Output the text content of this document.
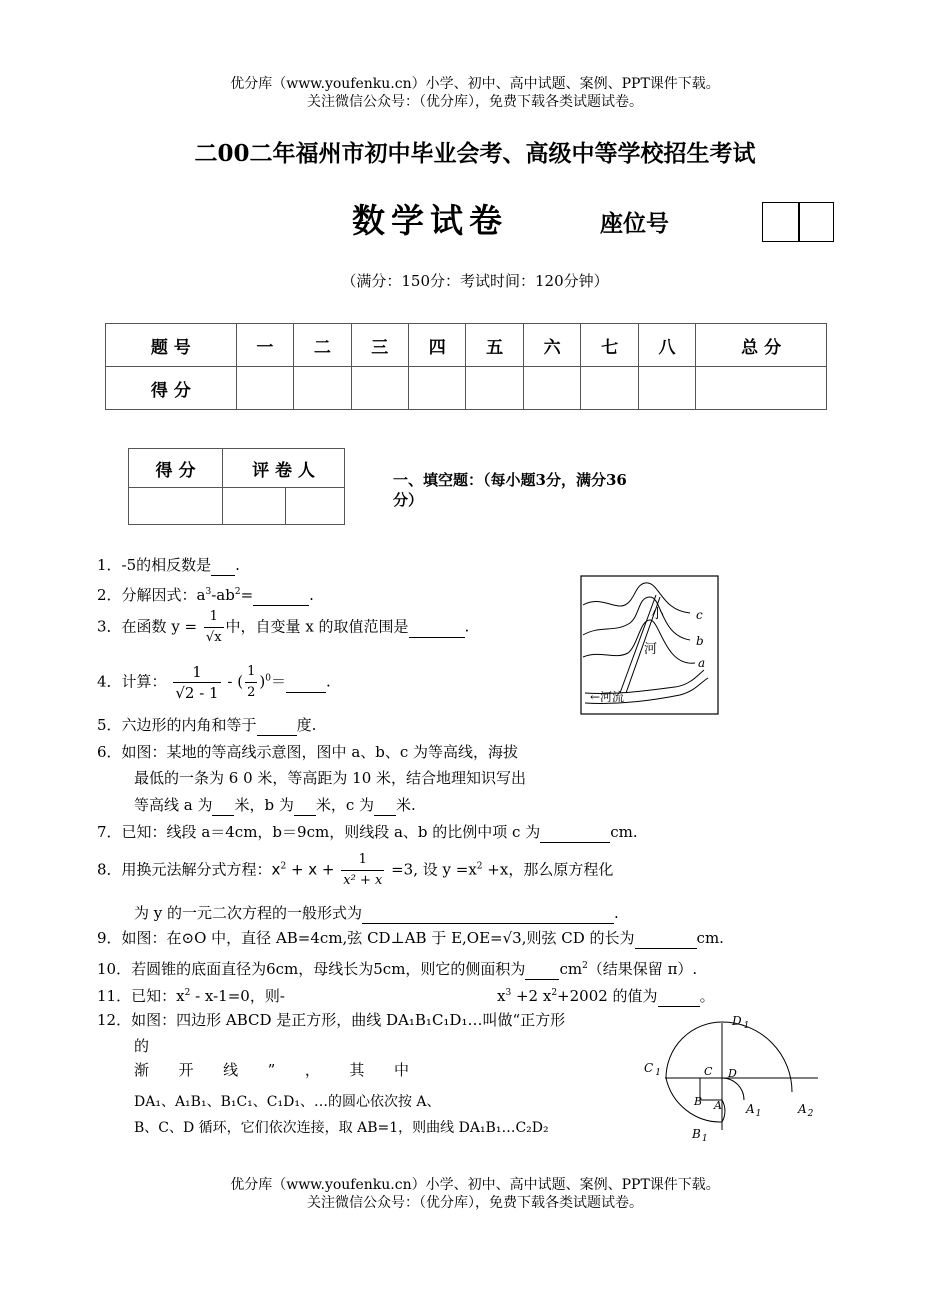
优分库（www.youfenku.cn）小学、初中、高中试题、案例、PPT课件下载。
关注微信公众号：（优分库），免费下载各类试题试卷。
二00二年福州市初中毕业会考、高级中等学校招生考试
数学试卷	座位号
（满分：150分：考试时间：120分钟）
题 号	一	二	三	四	五	六	七	八	总 分
得 分									
得 分	评 卷 人	
			一、填空题：（每小题3分，满分36
分）
1．-5的相反数是 .
2．分解因式：$a^3-ab^2=$	.
3．在函数 $y = \frac{1}{√x}$ 中，自变量 x 的取值范围是	.
4．计算： $\frac{1}{√2 - 1}$ - ( $\frac{1}{2} )^0=$	.
5．六边形的内角和等于	度.
6．如图：某地的等高线示意图，图中 a、b、c 为等高线，海拔
最低的一条为 6 0 米，等高距为 10 米，结合地理知识写出
等高线 a 为 米，b 为 米，c 为 米.
7．已知：线段 a＝4cm，b＝9cm，则线段 a、b 的比例中项 c 为	cm.
8．用换元法解分式方程：$x^2 + x + \frac{1}{\text{x² + x}} =3$, 设 $y =x^2 +x$，那么原方程化
为 y 的一元二次方程的一般形式为	.
9．如图：在⊙O 中，直径 AB=4cm,弦 CD⊥AB 于 E,OE=√3,则弦 CD 的长为	cm.
10．若圆锥的底面直径为6cm，母线长为5cm，则它的侧面积为 $cm^2$（结果保留 π）.
11．已知：$x^2 - x-1=0$，则-	$x^3 +2$ $x^2+2002$ 的值为	。
12．如图：四边形 ABCD 是正方形，曲线 DA₁B₁C₁D₁…叫做“正方形
的
渐 开 线 ” ， 其 中
DA₁、A₁B₁、B₁C₁、C₁D₁、…的圆心依次按 A、
B、C、D 循环，它们依次连接，取 AB=1，则曲线 DA₁B₁…C₂D₂
小
河
c
b
a
←河流
D $_1$
C $_1$	C D
B A $A_1$	$A_2$
$B_1$
优分库（www.youfenku.cn）小学、初中、高中试题、案例、PPT课件下载。
关注微信公众号：（优分库），免费下载各类试题试卷。
